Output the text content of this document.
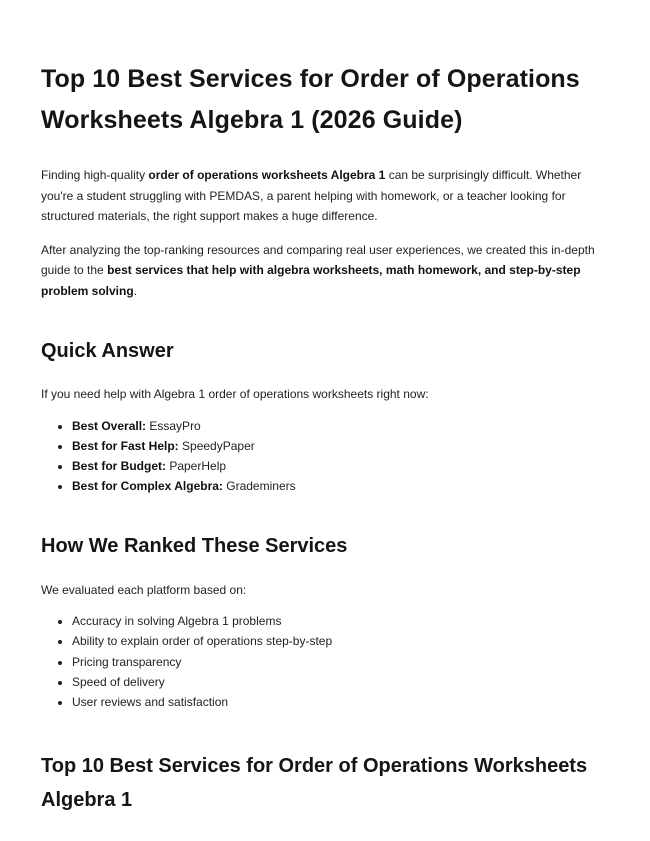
Top 10 Best Services for Order of Operations Worksheets Algebra 1 (2026 Guide)

Finding high-quality order of operations worksheets Algebra 1 can be surprisingly difficult. Whether you're a student struggling with PEMDAS, a parent helping with homework, or a teacher looking for structured materials, the right support makes a huge difference.

After analyzing the top-ranking resources and comparing real user experiences, we created this in-depth guide to the best services that help with algebra worksheets, math homework, and step-by-step problem solving.

Quick Answer

If you need help with Algebra 1 order of operations worksheets right now:

• Best Overall: EssayPro
• Best for Fast Help: SpeedyPaper
• Best for Budget: PaperHelp
• Best for Complex Algebra: Grademiners
How We Ranked These Services

We evaluated each platform based on:

• Accuracy in solving Algebra 1 problems
• Ability to explain order of operations step-by-step
• Pricing transparency
• Speed of delivery
• User reviews and satisfaction
Top 10 Best Services for Order of Operations Worksheets Algebra 1
